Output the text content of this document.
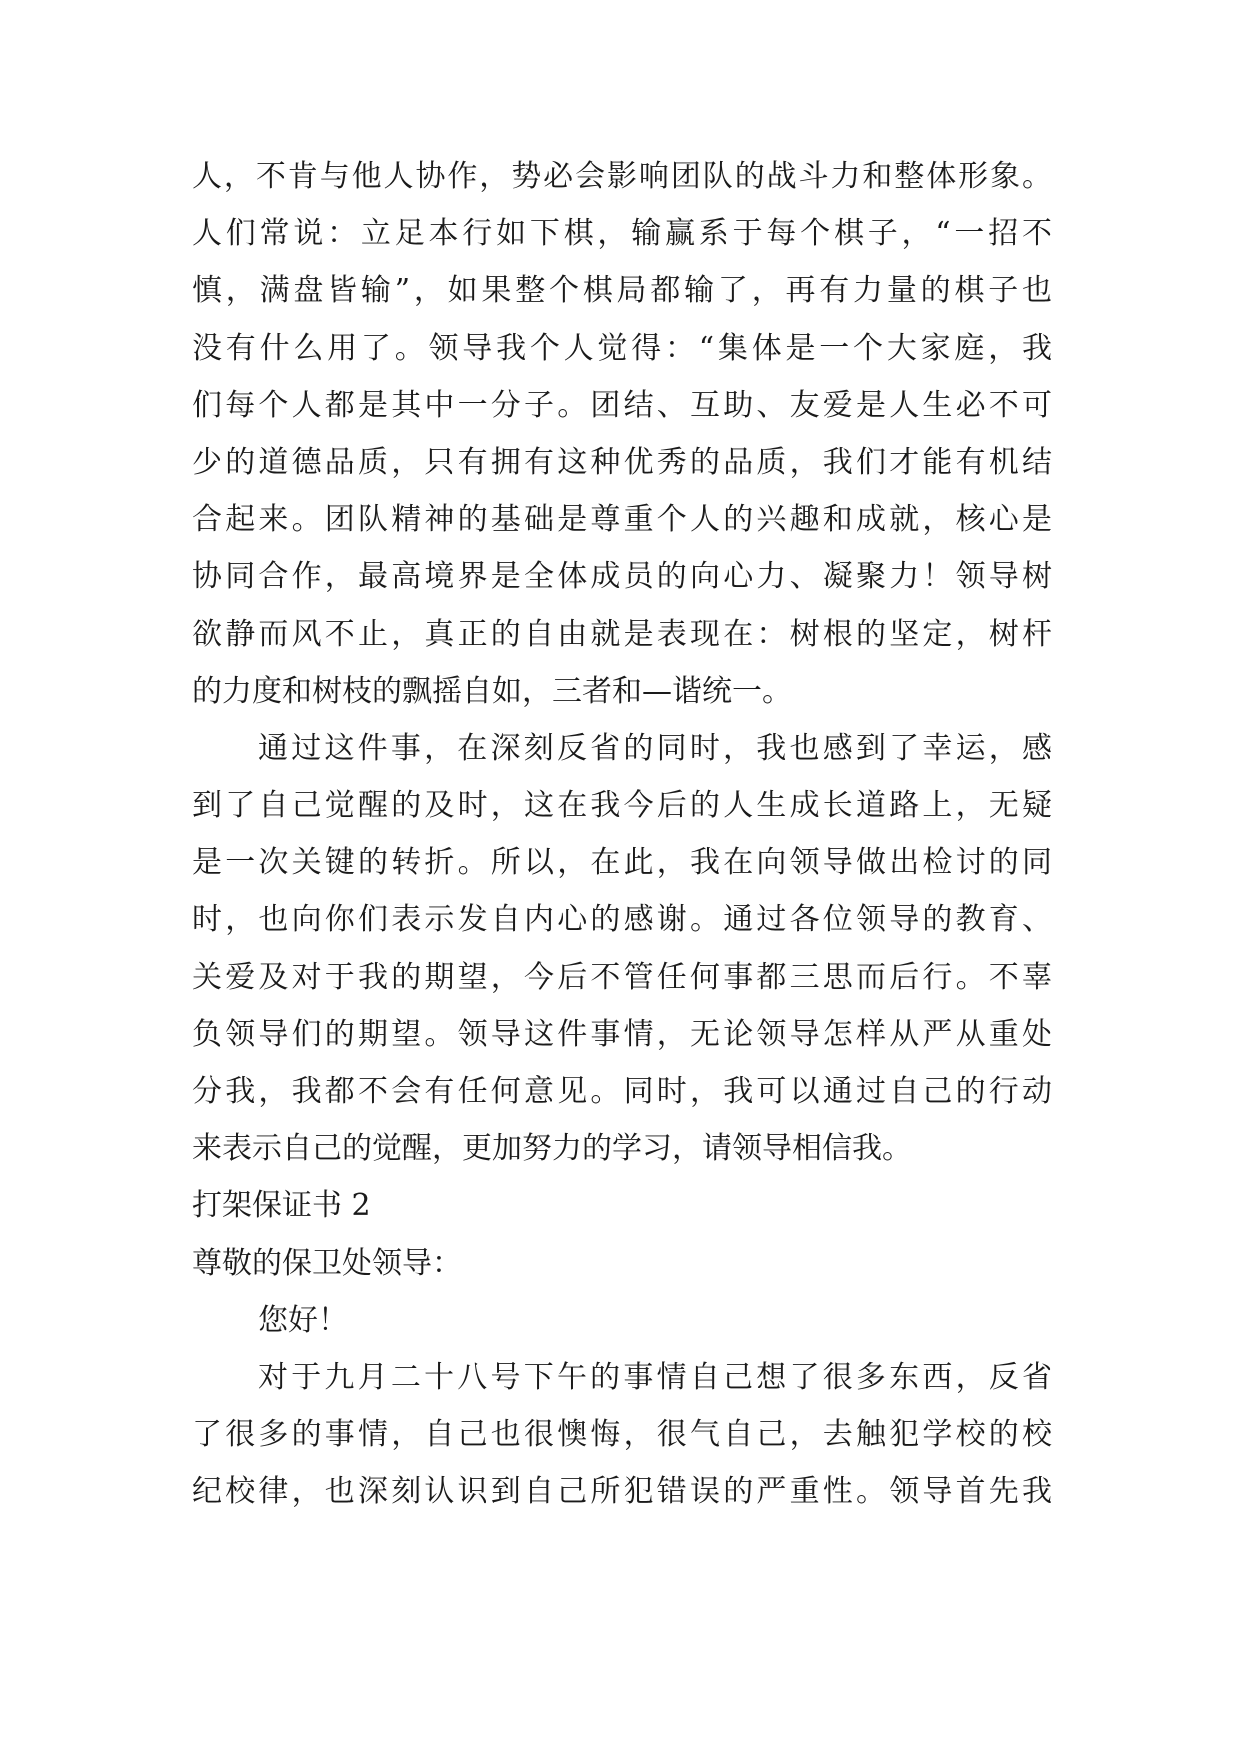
人，不肯与他人协作，势必会影响团队的战斗力和整体形象。
人们常说：立足本行如下棋，输赢系于每个棋子，“一招不
慎，满盘皆输”，如果整个棋局都输了，再有力量的棋子也
没有什么用了。领导我个人觉得：“集体是一个大家庭，我
们每个人都是其中一分子。团结、互助、友爱是人生必不可
少的道德品质，只有拥有这种优秀的品质，我们才能有机结
合起来。团队精神的基础是尊重个人的兴趣和成就，核心是
协同合作，最高境界是全体成员的向心力、凝聚力！领导树
欲静而风不止，真正的自由就是表现在：树根的坚定，树杆
的力度和树枝的飘摇自如，三者和—谐统一。
通过这件事，在深刻反省的同时，我也感到了幸运，感
到了自己觉醒的及时，这在我今后的人生成长道路上，无疑
是一次关键的转折。所以，在此，我在向领导做出检讨的同
时，也向你们表示发自内心的感谢。通过各位领导的教育、
关爱及对于我的期望，今后不管任何事都三思而后行。不辜
负领导们的期望。领导这件事情，无论领导怎样从严从重处
分我，我都不会有任何意见。同时，我可以通过自己的行动
来表示自己的觉醒，更加努力的学习，请领导相信我。
打架保证书 2
尊敬的保卫处领导：
您好！
对于九月二十八号下午的事情自己想了很多东西，反省
了很多的事情，自己也很懊悔，很气自己，去触犯学校的校
纪校律，也深刻认识到自己所犯错误的严重性。领导首先我
